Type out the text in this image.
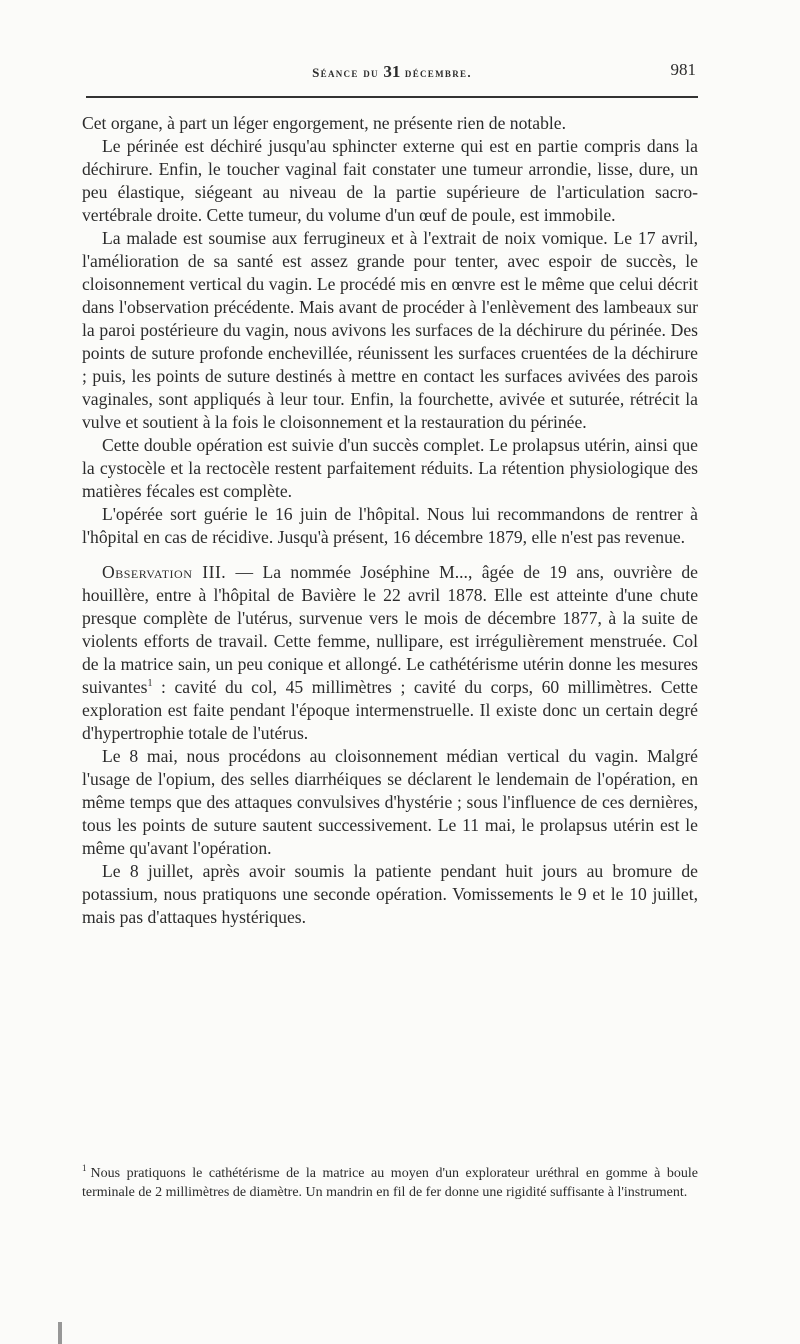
Séance du 31 décembre.	981

Cet organe, à part un léger engorgement, ne présente rien de notable.

Le périnée est déchiré jusqu'au sphincter externe qui est en partie compris dans la déchirure. Enfin, le toucher vaginal fait constater une tumeur arrondie, lisse, dure, un peu élastique, siégeant au niveau de la partie supérieure de l'articulation sacro-vertébrale droite. Cette tumeur, du volume d'un œuf de poule, est immobile.

La malade est soumise aux ferrugineux et à l'extrait de noix vomique. Le 17 avril, l'amélioration de sa santé est assez grande pour tenter, avec espoir de succès, le cloisonnement vertical du vagin. Le procédé mis en œnvre est le même que celui décrit dans l'observation précédente. Mais avant de procéder à l'enlèvement des lambeaux sur la paroi postérieure du vagin, nous avivons les surfaces de la déchirure du périnée. Des points de suture profonde enchevillée, réunissent les surfaces cruentées de la déchirure ; puis, les points de suture destinés à mettre en contact les surfaces avivées des parois vaginales, sont appliqués à leur tour. Enfin, la fourchette, avivée et suturée, rétrécit la vulve et soutient à la fois le cloisonnement et la restauration du périnée.

Cette double opération est suivie d'un succès complet. Le prolapsus utérin, ainsi que la cystocèle et la rectocèle restent parfaitement réduits. La rétention physiologique des matières fécales est complète.

L'opérée sort guérie le 16 juin de l'hôpital. Nous lui recommandons de rentrer à l'hôpital en cas de récidive. Jusqu'à présent, 16 décembre 1879, elle n'est pas revenue.

Observation III. — La nommée Joséphine M..., âgée de 19 ans, ouvrière de houillère, entre à l'hôpital de Bavière le 22 avril 1878. Elle est atteinte d'une chute presque complète de l'utérus, survenue vers le mois de décembre 1877, à la suite de violents efforts de travail. Cette femme, nullipare, est irrégulièrement menstruée. Col de la matrice sain, un peu conique et allongé. Le cathétérisme utérin donne les mesures suivantes$^1$ : cavité du col, 45 millimètres ; cavité du corps, 60 millimètres. Cette exploration est faite pendant l'époque intermenstruelle. Il existe donc un certain degré d'hypertrophie totale de l'utérus.

Le 8 mai, nous procédons au cloisonnement médian vertical du vagin. Malgré l'usage de l'opium, des selles diarrhéiques se déclarent le lendemain de l'opération, en même temps que des attaques convulsives d'hystérie ; sous l'influence de ces dernières, tous les points de suture sautent successivement. Le 11 mai, le prolapsus utérin est le même qu'avant l'opération.

Le 8 juillet, après avoir soumis la patiente pendant huit jours au bromure de potassium, nous pratiquons une seconde opération. Vomissements le 9 et le 10 juillet, mais pas d'attaques hystériques.

$^1$ Nous pratiquons le cathétérisme de la matrice au moyen d'un explorateur uréthral en gomme à boule terminale de 2 millimètres de diamètre. Un mandrin en fil de fer donne une rigidité suffisante à l'instrument.
